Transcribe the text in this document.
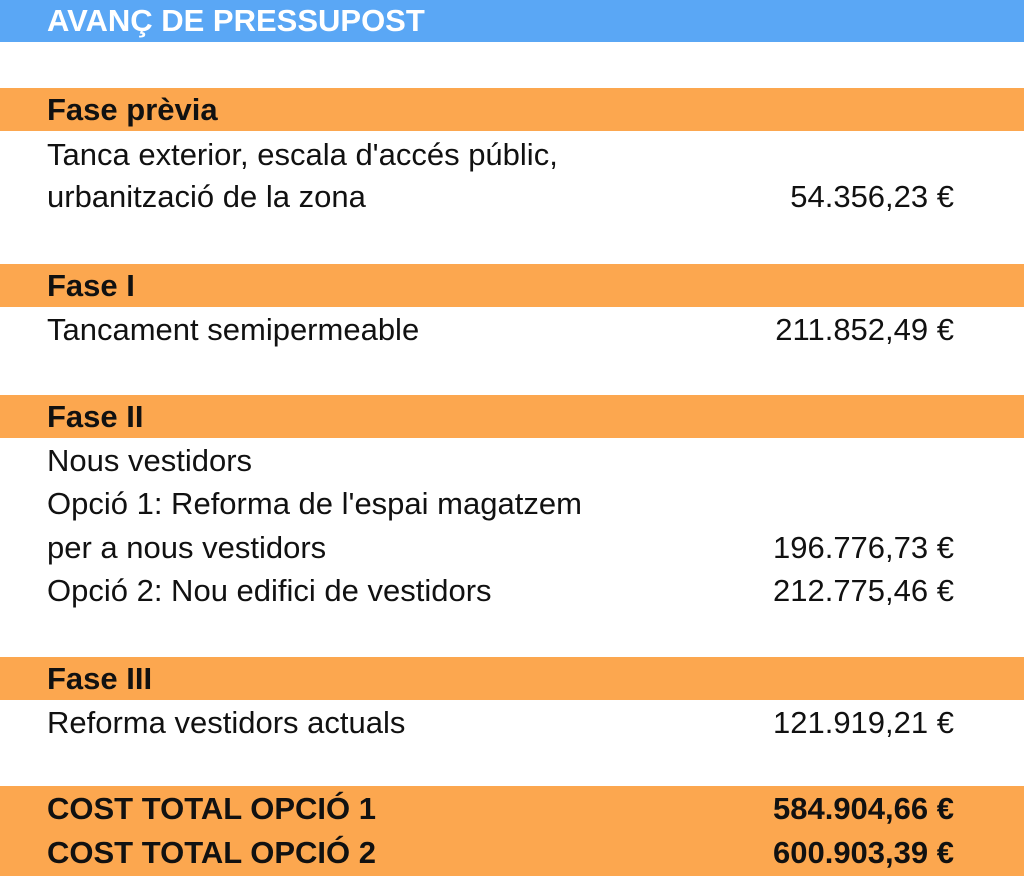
AVANÇ DE PRESSUPOST
Fase prèvia
Tanca exterior, escala d'accés públic,
urbanització de la zona	54.356,23 €
Fase I
Tancament semipermeable	211.852,49 €
Fase II
Nous vestidors
Opció 1: Reforma de l'espai magatzem
per a nous vestidors	196.776,73 €
Opció 2: Nou edifici de vestidors	212.775,46 €
Fase III
Reforma vestidors actuals	121.919,21 €
COST TOTAL OPCIÓ 1	584.904,66 €
COST TOTAL OPCIÓ 2	600.903,39 €
